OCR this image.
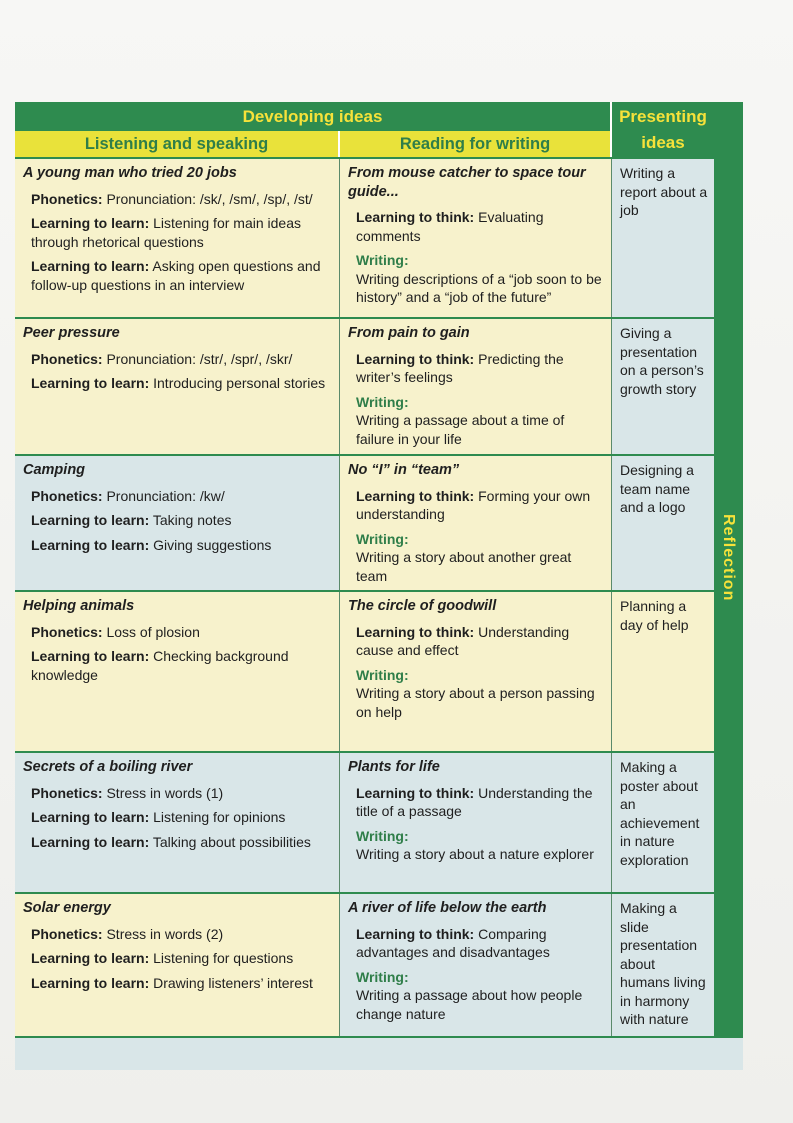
Developing ideas	Presenting ideas
Listening and speaking	Reading for writing
Reflection
A young man who tried 20 jobs
Phonetics: Pronunciation: /sk/, /sm/, /sp/, /st/
Learning to learn: Listening for main ideas through rhetorical questions
Learning to learn: Asking open questions and follow-up questions in an interview
From mouse catcher to space tour guide...
Learning to think: Evaluating comments
Writing:
Writing descriptions of a “job soon to be history” and a “job of the future”
Writing a report about a job
Peer pressure
Phonetics: Pronunciation: /str/, /spr/, /skr/
Learning to learn: Introducing personal stories
From pain to gain
Learning to think: Predicting the writer’s feelings
Writing:
Writing a passage about a time of failure in your life
Giving a presentation on a person’s growth story
Camping
Phonetics: Pronunciation: /kw/
Learning to learn: Taking notes
Learning to learn: Giving suggestions
No “I” in “team”
Learning to think: Forming your own understanding
Writing:
Writing a story about another great team
Designing a team name and a logo
Helping animals
Phonetics: Loss of plosion
Learning to learn: Checking background knowledge
The circle of goodwill
Learning to think: Understanding cause and effect
Writing:
Writing a story about a person passing on help
Planning a day of help
Secrets of a boiling river
Phonetics: Stress in words (1)
Learning to learn: Listening for opinions
Learning to learn: Talking about possibilities
Plants for life
Learning to think: Understanding the title of a passage
Writing:
Writing a story about a nature explorer
Making a poster about an achievement in nature exploration
Solar energy
Phonetics: Stress in words (2)
Learning to learn: Listening for questions
Learning to learn: Drawing listeners’ interest
A river of life below the earth
Learning to think: Comparing advantages and disadvantages
Writing:
Writing a passage about how people change nature
Making a slide presentation about humans living in harmony with nature
